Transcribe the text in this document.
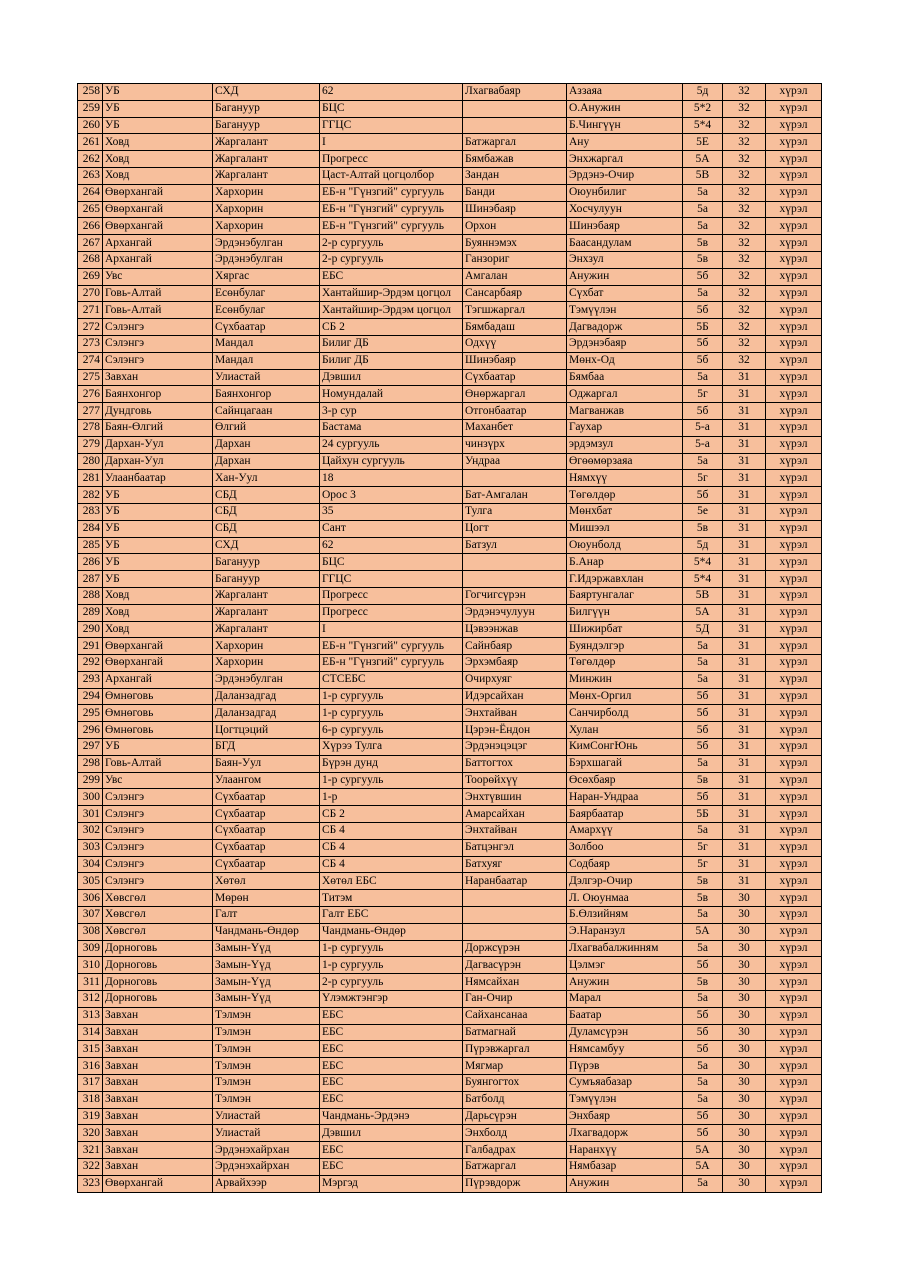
258	УБ	СХД	62	Лхагвабаяр	Аззаяа	5д	32	хүрэл
259	УБ	Багануур	БЦС		О.Анужин	5*2	32	хүрэл
260	УБ	Багануур	ГГЦС		Б.Чингүүн	5*4	32	хүрэл
261	Ховд	Жаргалант	I	Батжаргал	Ану	5Е	32	хүрэл
262	Ховд	Жаргалант	Прогресс	Бямбажав	Энхжаргал	5А	32	хүрэл
263	Ховд	Жаргалант	Цаст-Алтай цогцолбор	Зандан	Эрдэнэ-Очир	5В	32	хүрэл
264	Өвөрхангай	Хархорин	ЕБ-н "Гүнзгий" сургууль	Банди	Оюунбилиг	5а	32	хүрэл
265	Өвөрхангай	Хархорин	ЕБ-н "Гүнзгий" сургууль	Шинэбаяр	Хосчулуун	5а	32	хүрэл
266	Өвөрхангай	Хархорин	ЕБ-н "Гүнзгий" сургууль	Орхон	Шинэбаяр	5а	32	хүрэл
267	Архангай	Эрдэнэбулган	2-р сургууль	Буяннэмэх	Баасандулам	5в	32	хүрэл
268	Архангай	Эрдэнэбулган	2-р сургууль	Ганзориг	Энхзул	5в	32	хүрэл
269	Увс	Хяргас	ЕБС	Амгалан	Анужин	5б	32	хүрэл
270	Говь-Алтай	Есөнбулаг	Хантайшир-Эрдэм цогцол	Сансарбаяр	Сүхбат	5а	32	хүрэл
271	Говь-Алтай	Есөнбулаг	Хантайшир-Эрдэм цогцол	Тэгшжаргал	Тэмүүлэн	5б	32	хүрэл
272	Сэлэнгэ	Сүхбаатар	СБ 2	Бямбадаш	Дагвадорж	5Б	32	хүрэл
273	Сэлэнгэ	Мандал	Билиг ДБ	Одхүү	Эрдэнэбаяр	5б	32	хүрэл
274	Сэлэнгэ	Мандал	Билиг ДБ	Шинэбаяр	Мөнх-Од	5б	32	хүрэл
275	Завхан	Улиастай	Дэвшил	Сүхбаатар	Бямбаа	5а	31	хүрэл
276	Баянхонгор	Баянхонгор	Номундалай	Өнөржаргал	Оджаргал	5г	31	хүрэл
277	Дундговь	Сайнцагаан	3-р сур	Отгонбаатар	Магванжав	5б	31	хүрэл
278	Баян-Өлгий	Өлгий	Бастама	Маханбет	Гаухар	5-а	31	хүрэл
279	Дархан-Уул	Дархан	24 сургууль	чинзүрх	эрдэмзул	5-а	31	хүрэл
280	Дархан-Уул	Дархан	Цайхун сургууль	Ундраа	Өгөөмөрзаяа	5а	31	хүрэл
281	Улаанбаатар	Хан-Уул	18		Нямхүү	5г	31	хүрэл
282	УБ	СБД	Орос 3	Бат-Амгалан	Төгөлдөр	5б	31	хүрэл
283	УБ	СБД	35	Тулга	Мөнхбат	5е	31	хүрэл
284	УБ	СБД	Сант	Цогт	Мишээл	5в	31	хүрэл
285	УБ	СХД	62	Батзул	Оюунболд	5д	31	хүрэл
286	УБ	Багануур	БЦС		Б.Анар	5*4	31	хүрэл
287	УБ	Багануур	ГГЦС		Г.Идэржавхлан	5*4	31	хүрэл
288	Ховд	Жаргалант	Прогресс	Гогчигсүрэн	Баяртунгалаг	5В	31	хүрэл
289	Ховд	Жаргалант	Прогресс	Эрдэнэчулуун	Билгүүн	5А	31	хүрэл
290	Ховд	Жаргалант	I	Цэвээнжав	Шижирбат	5Д	31	хүрэл
291	Өвөрхангай	Хархорин	ЕБ-н "Гүнзгий" сургууль	Сайнбаяр	Буяндэлгэр	5а	31	хүрэл
292	Өвөрхангай	Хархорин	ЕБ-н "Гүнзгий" сургууль	Эрхэмбаяр	Төгөлдөр	5а	31	хүрэл
293	Архангай	Эрдэнэбулган	СТСЕБС	Очирхуяг	Минжин	5а	31	хүрэл
294	Өмнөговь	Даланзадгад	1-р сургууль	Идэрсайхан	Мөнх-Оргил	5б	31	хүрэл
295	Өмнөговь	Даланзадгад	1-р сургууль	Энхтайван	Санчирболд	5б	31	хүрэл
296	Өмнөговь	Цогтцэций	6-р сургууль	Цэрэн-Ёндон	Хулан	5б	31	хүрэл
297	УБ	БГД	Хүрээ Тулга	Эрдэнэцэцэг	КимСонгЮнь	5б	31	хүрэл
298	Говь-Алтай	Баян-Уул	Бүрэн дунд	Баттогтох	Бэрхшагай	5а	31	хүрэл
299	Увс	Улаангом	1-р сургууль	Тоорөйхүү	Өсөхбаяр	5в	31	хүрэл
300	Сэлэнгэ	Сүхбаатар	1-р	Энхтүвшин	Наран-Ундраа	5б	31	хүрэл
301	Сэлэнгэ	Сүхбаатар	СБ 2	Амарсайхан	Баярбаатар	5Б	31	хүрэл
302	Сэлэнгэ	Сүхбаатар	СБ 4	Энхтайван	Амархүү	5а	31	хүрэл
303	Сэлэнгэ	Сүхбаатар	СБ 4	Батцэнгэл	Золбоо	5г	31	хүрэл
304	Сэлэнгэ	Сүхбаатар	СБ 4	Батхуяг	Содбаяр	5г	31	хүрэл
305	Сэлэнгэ	Хөтөл	Хөтөл ЕБС	Наранбаатар	Дэлгэр-Очир	5в	31	хүрэл
306	Хөвсгөл	Мөрөн	Титэм		Л. Оюунмаа	5в	30	хүрэл
307	Хөвсгөл	Галт	Галт ЕБС		Б.Өлзийням	5а	30	хүрэл
308	Хөвсгөл	Чандмань-Өндөр	Чандмань-Өндөр		Э.Наранзул	5А	30	хүрэл
309	Дорноговь	Замын-Үүд	1-р сургууль	Доржсүрэн	Лхагвабалжинням	5а	30	хүрэл
310	Дорноговь	Замын-Үүд	1-р сургууль	Дагвасүрэн	Цэлмэг	5б	30	хүрэл
311	Дорноговь	Замын-Үүд	2-р сургууль	Нямсайхан	Анужин	5в	30	хүрэл
312	Дорноговь	Замын-Үүд	Үлэмжтэнгэр	Ган-Очир	Марал	5а	30	хүрэл
313	Завхан	Тэлмэн	ЕБС	Сайхансанаа	Баатар	5б	30	хүрэл
314	Завхан	Тэлмэн	ЕБС	Батмагнай	Дуламсүрэн	5б	30	хүрэл
315	Завхан	Тэлмэн	ЕБС	Пүрэвжаргал	Нямсамбуу	5б	30	хүрэл
316	Завхан	Тэлмэн	ЕБС	Мягмар	Пүрэв	5а	30	хүрэл
317	Завхан	Тэлмэн	ЕБС	Буянгогтох	Сумъяабазар	5а	30	хүрэл
318	Завхан	Тэлмэн	ЕБС	Батболд	Тэмүүлэн	5а	30	хүрэл
319	Завхан	Улиастай	Чандмань-Эрдэнэ	Дарьсүрэн	Энхбаяр	5б	30	хүрэл
320	Завхан	Улиастай	Дэвшил	Энхболд	Лхагвадорж	5б	30	хүрэл
321	Завхан	Эрдэнэхайрхан	ЕБС	Галбадрах	Наранхүү	5А	30	хүрэл
322	Завхан	Эрдэнэхайрхан	ЕБС	Батжаргал	Нямбазар	5А	30	хүрэл
323	Өвөрхангай	Арвайхээр	Мэргэд	Пүрэвдорж	Анужин	5а	30	хүрэл
